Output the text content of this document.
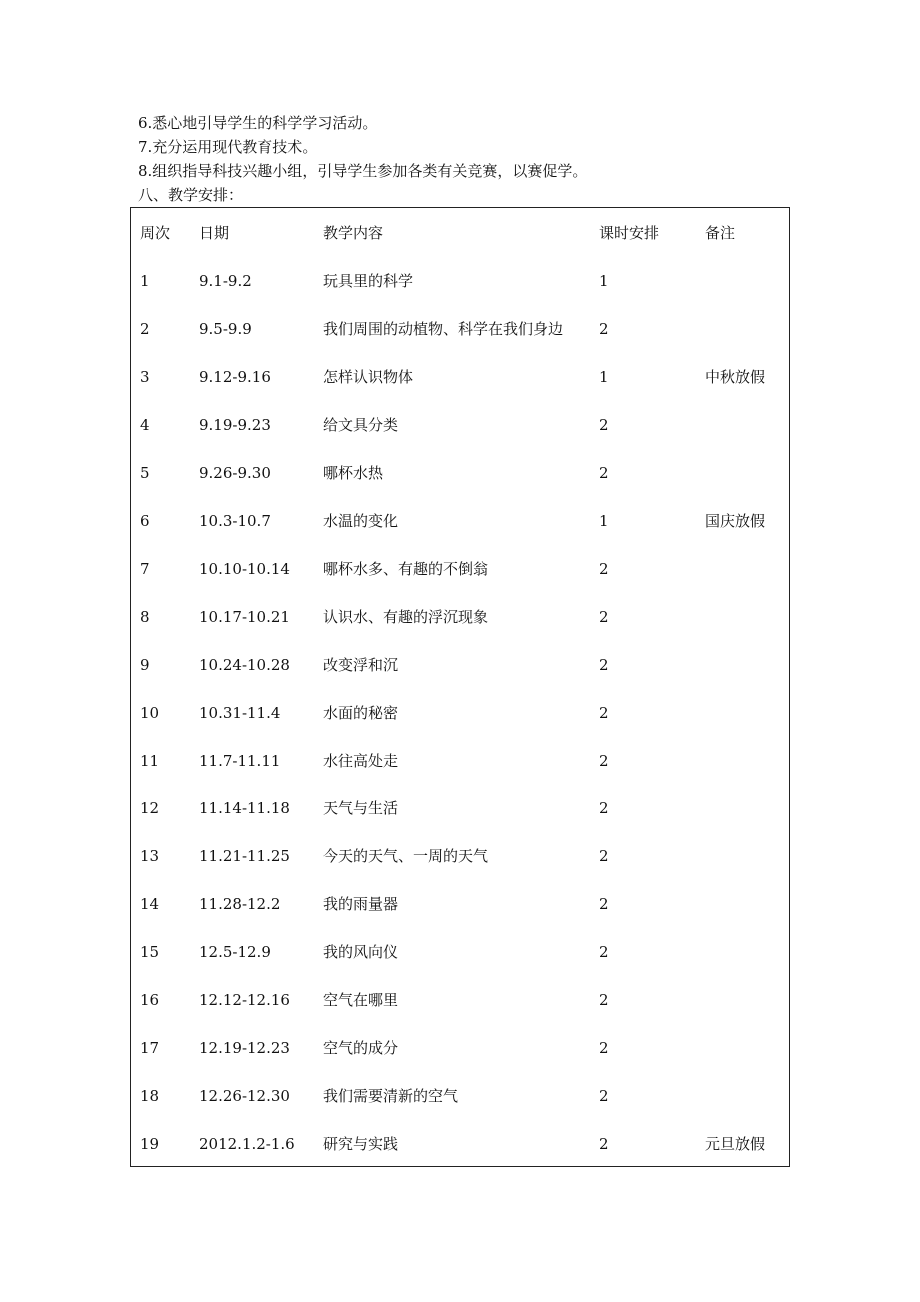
6.悉心地引导学生的科学学习活动。
7.充分运用现代教育技术。
8.组织指导科技兴趣小组，引导学生参加各类有关竞赛，以赛促学。
八、教学安排：
周次 日期	教学内容	课时安排	备注
1	9.1-9.2	玩具里的科学	1
2	9.5-9.9	我们周围的动植物、科学在我们身边 2
3	9.12-9.16	怎样认识物体	1	中秋放假
4	9.19-9.23	给文具分类	2
5	9.26-9.30	哪杯水热	2
6	10.3-10.7	水温的变化	1	国庆放假
7	10.10-10.14 哪杯水多、有趣的不倒翁	2
8	10.17-10.21 认识水、有趣的浮沉现象	2
9	10.24-10.28 改变浮和沉	2
10	10.31-11.4	水面的秘密	2
11	11.7-11.11	水往高处走	2
12	11.14-11.18 天气与生活	2
13	11.21-11.25 今天的天气、一周的天气	2
14	11.28-12.2	我的雨量器	2
15	12.5-12.9	我的风向仪	2
16	12.12-12.16 空气在哪里	2
17	12.19-12.23 空气的成分	2
18	12.26-12.30 我们需要清新的空气	2
19	2012.1.2-1.6 研究与实践	2	元旦放假
